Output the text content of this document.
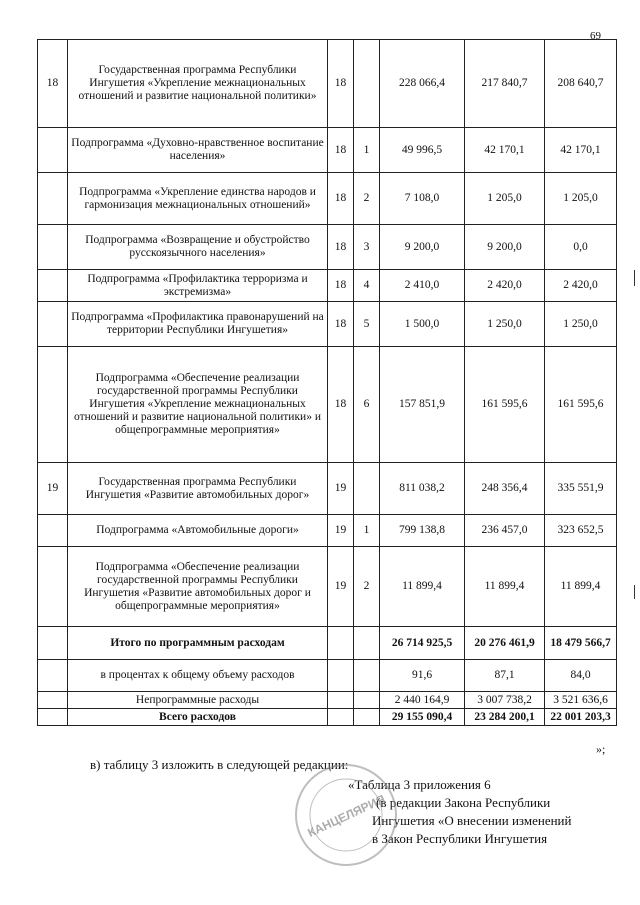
69
18	Государственная программа Республики Ингушетия «Укрепление межнациональных отношений и развитие национальной политики»	18		228 066,4	217 840,7	208 640,7
	Подпрограмма «Духовно-нравственное воспитание населения»	18	1	49 996,5	42 170,1	42 170,1
	Подпрограмма «Укрепление единства народов и гармонизация межнациональных отношений»	18	2	7 108,0	1 205,0	1 205,0
	Подпрограмма «Возвращение и обустройство русскоязычного населения»	18	3	9 200,0	9 200,0	0,0
	Подпрограмма «Профилактика терроризма и экстремизма»	18	4	2 410,0	2 420,0	2 420,0
	Подпрограмма «Профилактика правонарушений на территории Республики Ингушетия»	18	5	1 500,0	1 250,0	1 250,0
	Подпрограмма «Обеспечение реализации государственной программы Республики Ингушетия «Укрепление межнациональных отношений и развитие национальной политики» и общепрограммные мероприятия»	18	6	157 851,9	161 595,6	161 595,6
19	Государственная программа Республики Ингушетия «Развитие автомобильных дорог»	19		811 038,2	248 356,4	335 551,9
	Подпрограмма «Автомобильные дороги»	19	1	799 138,8	236 457,0	323 652,5
	Подпрограмма «Обеспечение реализации государственной программы Республики Ингушетия «Развитие автомобильных дорог и общепрограммные мероприятия»	19	2	11 899,4	11 899,4	11 899,4
	Итого по программным расходам			26 714 925,5	20 276 461,9	18 479 566,7
	в процентах к общему объему расходов			91,6	87,1	84,0
	Непрограммные расходы			2 440 164,9	3 007 738,2	3 521 636,6
	Всего расходов			29 155 090,4	23 284 200,1	22 001 203,3
»;
в) таблицу 3 изложить в следующей редакции:
«Таблица 3 приложения 6
(в редакции Закона Республики
Ингушетия «О внесении изменений
в Закон Республики Ингушетия
КАНЦЕЛЯРИЯ
